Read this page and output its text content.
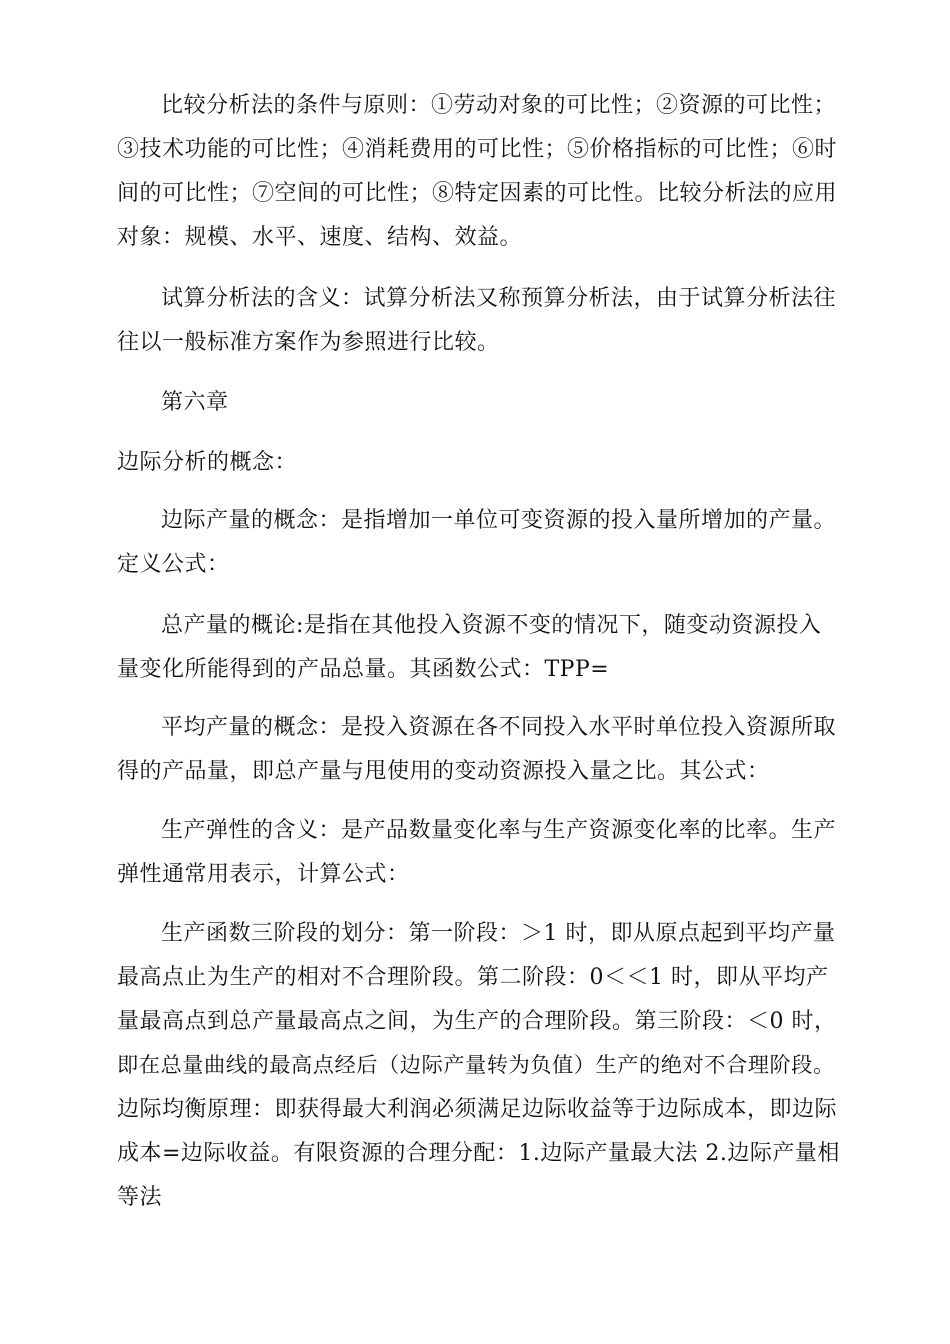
比较分析法的条件与原则：①劳动对象的可比性；②资源的可比性；
③技术功能的可比性；④消耗费用的可比性；⑤价格指标的可比性；⑥时
间的可比性；⑦空间的可比性；⑧特定因素的可比性。比较分析法的应用
对象：规模、水平、速度、结构、效益。

试算分析法的含义：试算分析法又称预算分析法，由于试算分析法往
往以一般标准方案作为参照进行比较。

第六章

边际分析的概念：

边际产量的概念：是指增加一单位可变资源的投入量所增加的产量。
定义公式：

总产量的概论:是指在其他投入资源不变的情况下，随变动资源投入
量变化所能得到的产品总量。其函数公式：TPP=

平均产量的概念：是投入资源在各不同投入水平时单位投入资源所取
得的产品量，即总产量与甩使用的变动资源投入量之比。其公式：

生产弹性的含义：是产品数量变化率与生产资源变化率的比率。生产
弹性通常用表示，计算公式：

生产函数三阶段的划分：第一阶段：＞1 时，即从原点起到平均产量
最高点止为生产的相对不合理阶段。第二阶段：0＜＜1 时，即从平均产
量最高点到总产量最高点之间，为生产的合理阶段。第三阶段：＜0 时，
即在总量曲线的最高点经后（边际产量转为负值）生产的绝对不合理阶段。
边际均衡原理：即获得最大利润必须满足边际收益等于边际成本，即边际
成本=边际收益。有限资源的合理分配：1.边际产量最大法 2.边际产量相
等法
